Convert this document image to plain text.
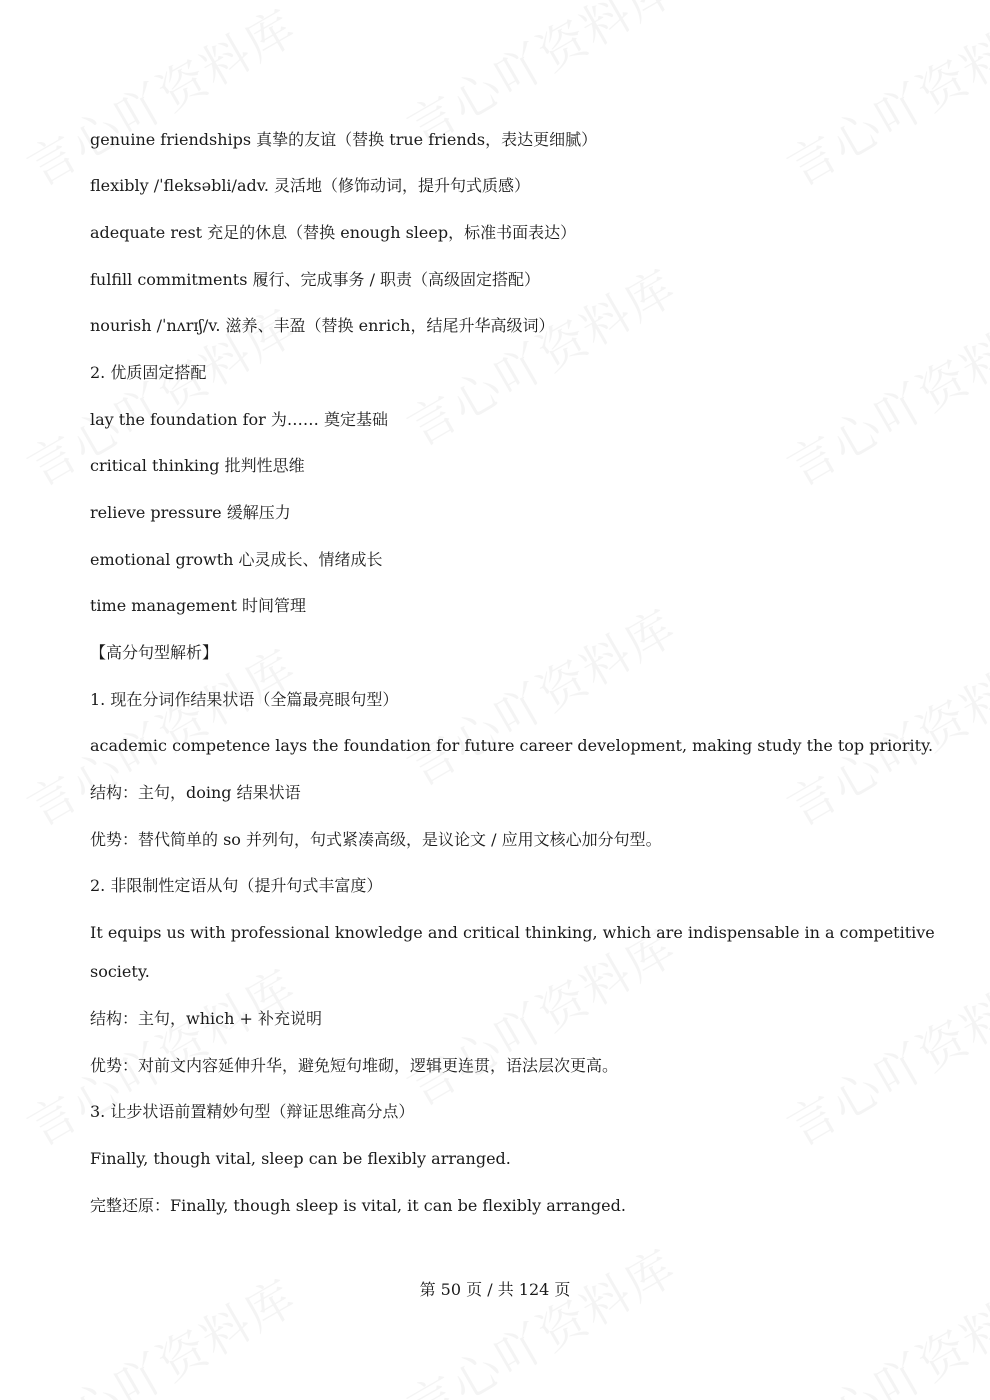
genuine friendships 真挚的友谊（替换 true friends，表达更细腻）
flexibly /ˈfleksəbli/adv. 灵活地（修饰动词，提升句式质感）
adequate rest 充足的休息（替换 enough sleep，标准书面表达）
fulfill commitments 履行、完成事务 / 职责（高级固定搭配）
nourish /ˈnʌrɪʃ/v. 滋养、丰盈（替换 enrich，结尾升华高级词）
2. 优质固定搭配
lay the foundation for 为…… 奠定基础
critical thinking 批判性思维
relieve pressure 缓解压力
emotional growth 心灵成长、情绪成长
time management 时间管理
【高分句型解析】
1. 现在分词作结果状语（全篇最亮眼句型）
academic competence lays the foundation for future career development, making study the top priority.
结构：主句，doing 结果状语
优势：替代简单的 so 并列句，句式紧凑高级，是议论文 / 应用文核心加分句型。
2. 非限制性定语从句（提升句式丰富度）
It equips us with professional knowledge and critical thinking, which are indispensable in a competitive
society.
结构：主句，which + 补充说明
优势：对前文内容延伸升华，避免短句堆砌，逻辑更连贯，语法层次更高。
3. 让步状语前置精妙句型（辩证思维高分点）
Finally, though vital, sleep can be flexibly arranged.
完整还原：Finally, though sleep is vital, it can be flexibly arranged.
第 50 页 / 共 124 页
